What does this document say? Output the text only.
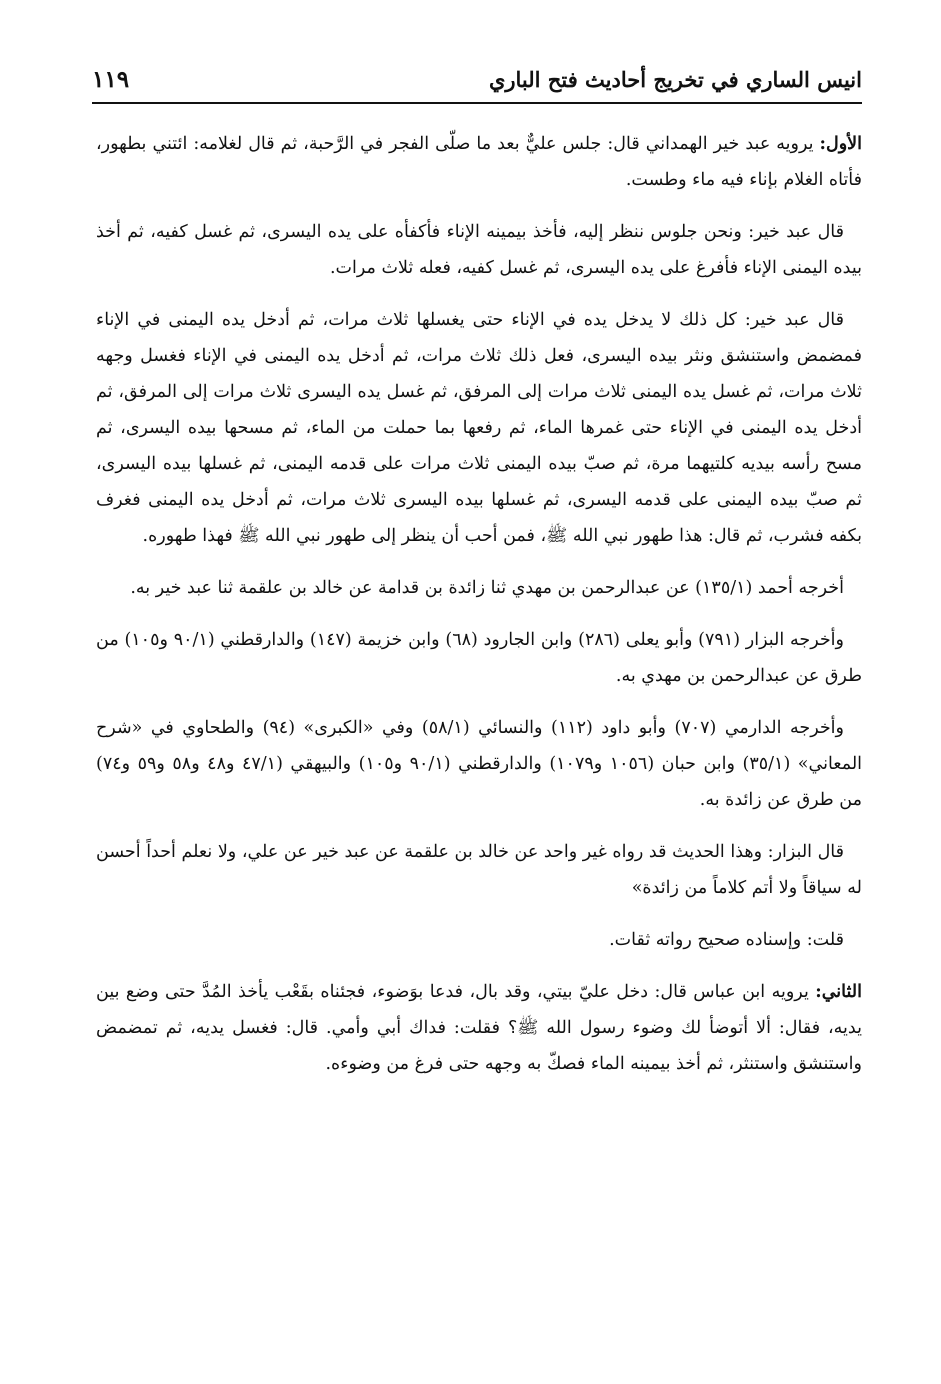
انيس الساري في تخريج أحاديث فتح الباري
١١٩

الأول: يرويه عبد خير الهمداني قال: جلس عليٌّ بعد ما صلّى الفجر في الرَّحبة، ثم قال لغلامه: ائتني بطهور، فأتاه الغلام بإناء فيه ماء وطست.

قال عبد خير: ونحن جلوس ننظر إليه، فأخذ بيمينه الإناء فأكفأه على يده اليسرى، ثم غسل كفيه، ثم أخذ بيده اليمنى الإناء فأفرغ على يده اليسرى، ثم غسل كفيه، فعله ثلاث مرات.

قال عبد خير: كل ذلك لا يدخل يده في الإناء حتى يغسلها ثلاث مرات، ثم أدخل يده اليمنى في الإناء فمضمض واستنشق ونثر بيده اليسرى، فعل ذلك ثلاث مرات، ثم أدخل يده اليمنى في الإناء فغسل وجهه ثلاث مرات، ثم غسل يده اليمنى ثلاث مرات إلى المرفق، ثم غسل يده اليسرى ثلاث مرات إلى المرفق، ثم أدخل يده اليمنى في الإناء حتى غمرها الماء، ثم رفعها بما حملت من الماء، ثم مسحها بيده اليسرى، ثم مسح رأسه بيديه كلتيهما مرة، ثم صبّ بيده اليمنى ثلاث مرات على قدمه اليمنى، ثم غسلها بيده اليسرى، ثم صبّ بيده اليمنى على قدمه اليسرى، ثم غسلها بيده اليسرى ثلاث مرات، ثم أدخل يده اليمنى فغرف بكفه فشرب، ثم قال: هذا طهور نبي الله ﷺ، فمن أحب أن ينظر إلى طهور نبي الله ﷺ فهذا طهوره.

أخرجه أحمد (١٣٥/١) عن عبدالرحمن بن مهدي ثنا زائدة بن قدامة عن خالد بن علقمة ثنا عبد خير به.

وأخرجه البزار (٧٩١) وأبو يعلى (٢٨٦) وابن الجارود (٦٨) وابن خزيمة (١٤٧) والدارقطني (٩٠/١ و١٠٥) من طرق عن عبدالرحمن بن مهدي به.

وأخرجه الدارمي (٧٠٧) وأبو داود (١١٢) والنسائي (٥٨/١) وفي «الكبرى» (٩٤) والطحاوي في «شرح المعاني» (٣٥/١) وابن حبان (١٠٥٦ و١٠٧٩) والدارقطني (٩٠/١ و١٠٥) والبيهقي (٤٧/١ و٤٨ و٥٨ و٥٩ و٧٤) من طرق عن زائدة به.

قال البزار: وهذا الحديث قد رواه غير واحد عن خالد بن علقمة عن عبد خير عن علي، ولا نعلم أحداً أحسن له سياقاً ولا أتم كلاماً من زائدة»

قلت: وإسناده صحيح رواته ثقات.

الثاني: يرويه ابن عباس قال: دخل عليّ بيتي، وقد بال، فدعا بوَضوء، فجئناه بقَعْب يأخذ المُدَّ حتى وضع بين يديه، فقال: ألا أتوضأ لك وضوء رسول الله ﷺ؟ فقلت: فداك أبي وأمي. قال: فغسل يديه، ثم تمضمض واستنشق واستنثر، ثم أخذ بيمينه الماء فصكّ به وجهه حتى فرغ من وضوءه.
